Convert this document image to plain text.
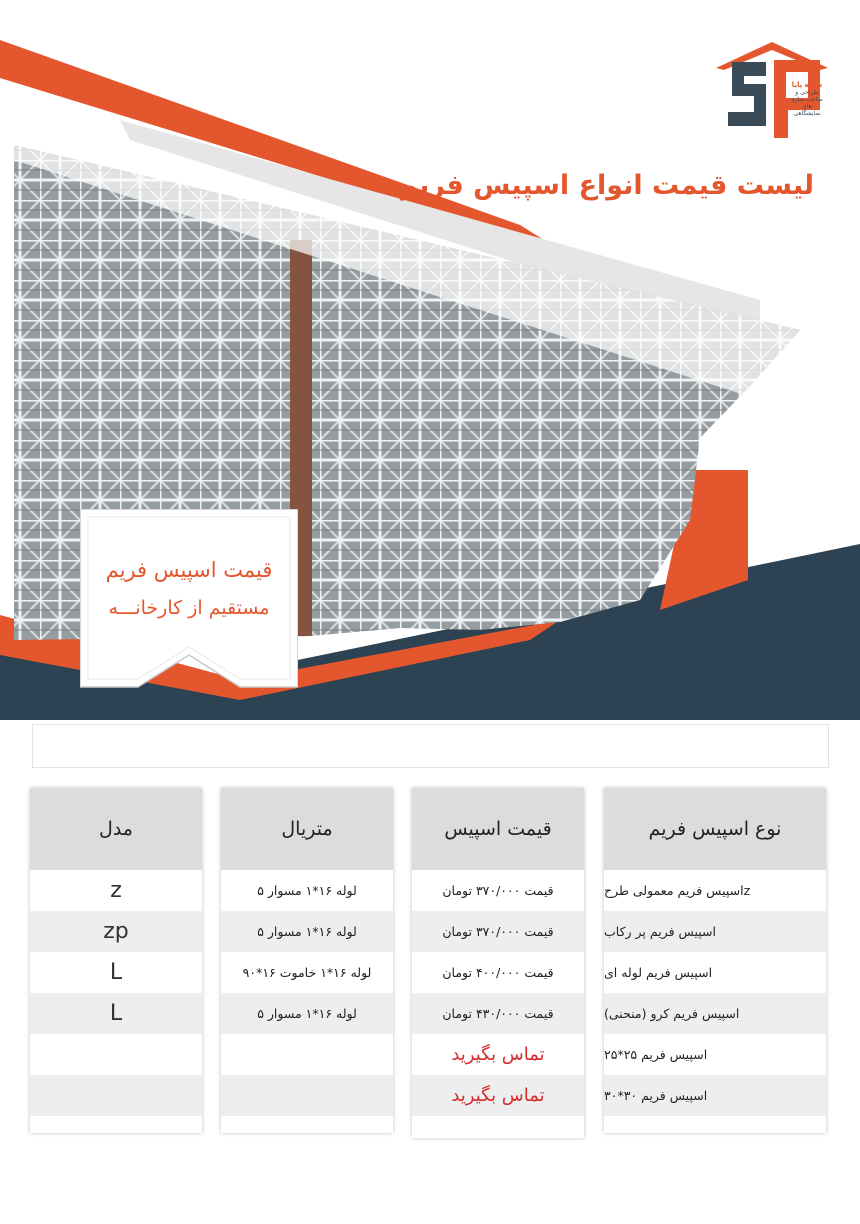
سازه پایا
طراحی و ساخت سازه های نمایشگاهی
لیست قیمت انواع اسپیس فریم
قیمت اسپیس فریم
مستقیم از کارخانـــه
به دلیل نوسان قیمت آهن، قیمت ها در حال تغییر می‌باشد. لطفا برای قیمت روز با واحد فروش در ارتباط باشید.
مدل
z
zp
L
L
متریال
لوله ۱۶*۱ مسوار ۵
لوله ۱۶*۱ مسوار ۵
لوله ۱۶*۱ خاموت ۱۶*۹۰
لوله ۱۶*۱ مسوار ۵
قیمت اسپیس
قیمت ۳۷۰/۰۰۰ تومان
قیمت ۳۷۰/۰۰۰ تومان
قیمت ۴۰۰/۰۰۰ تومان
قیمت ۴۳۰/۰۰۰ تومان
تماس بگیرید
تماس بگیرید
نوع اسپیس فریم
zاسپیس فریم معمولی طرح
اسپیس فریم پر رکاب
اسپیس فریم لوله ای
اسپیس فریم کرو (منحنی)
اسپیس فریم ۲۵*۲۵
اسپیس فریم ۳۰*۳۰
sazehpaya	www.sazehpaya.com	0912-3388600
